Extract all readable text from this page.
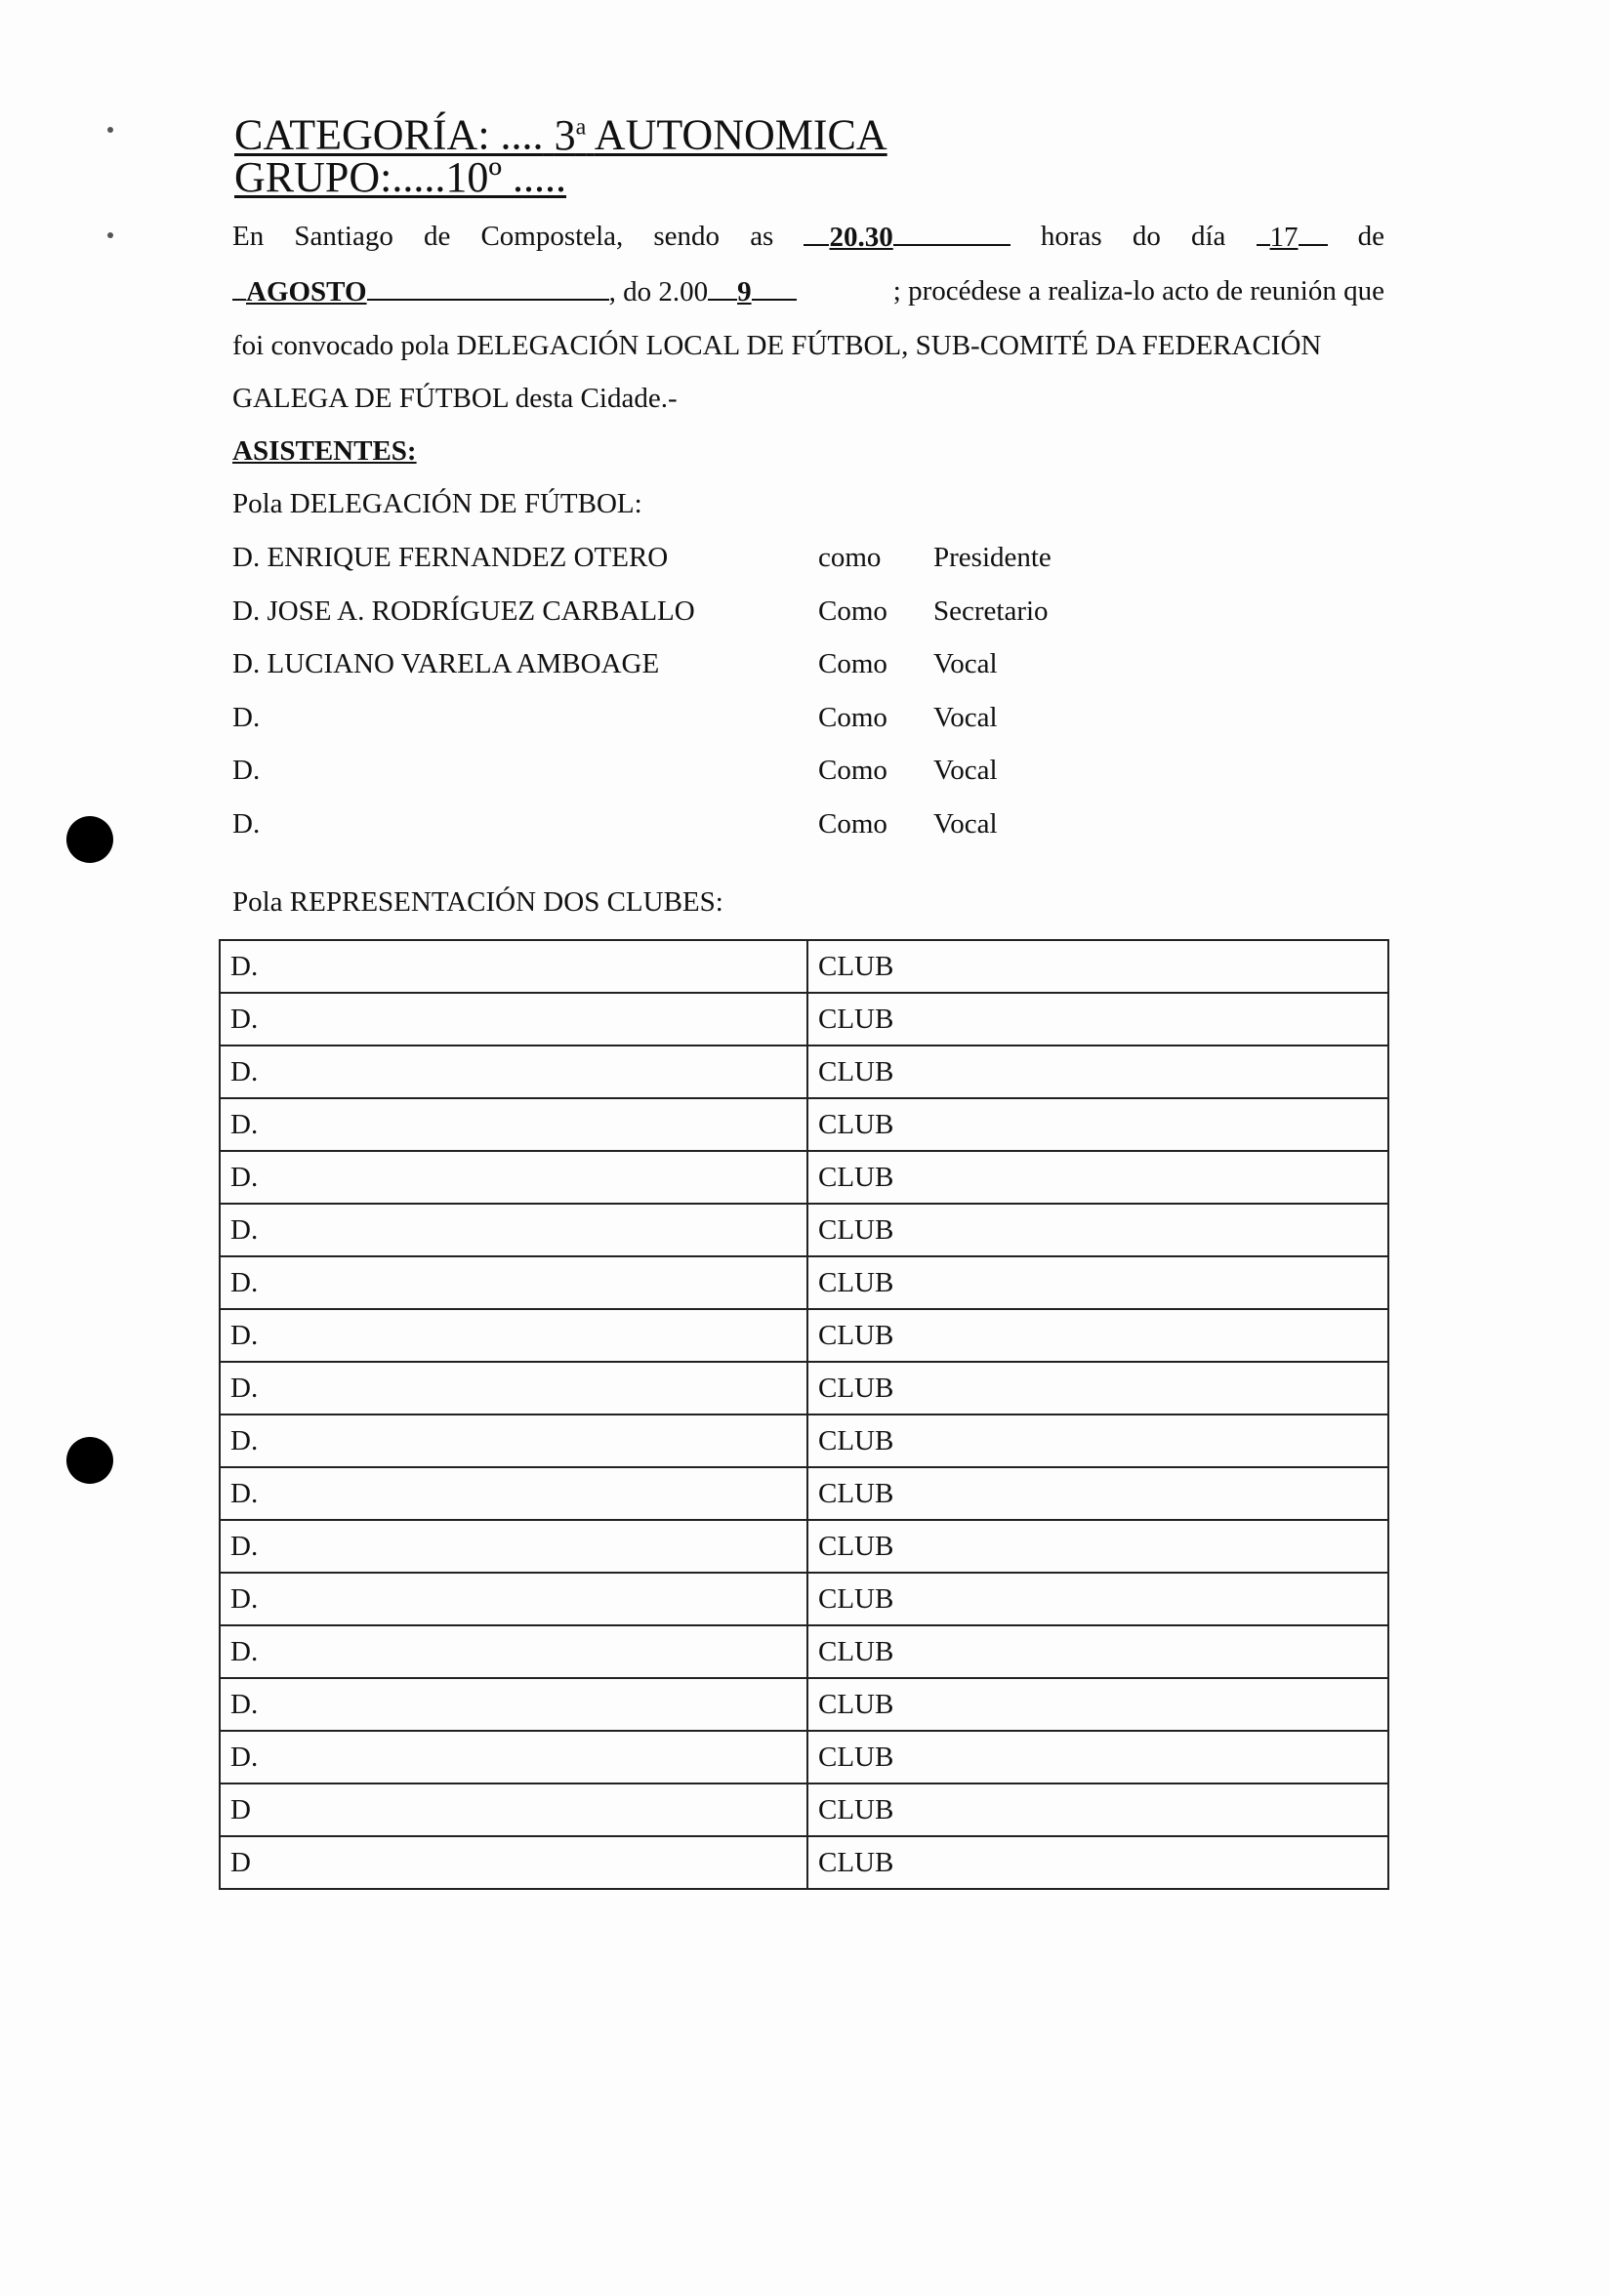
CATEGORÍA: .... 3$^a$ AUTONOMICA
GRUPO:.....10º .....
En Santiago de Compostela, sendo as	20.30	horas do día	17	de
AGOSTO	, do 2.00 9	; procédese a realiza-lo acto de reunión que
foi convocado pola DELEGACIÓN LOCAL DE FÚTBOL, SUB-COMITÉ DA FEDERACIÓN
GALEGA DE FÚTBOL desta Cidade.-
ASISTENTES:
Pola DELEGACIÓN DE FÚTBOL:
D. ENRIQUE FERNANDEZ OTERO	como Presidente
D. JOSE A. RODRÍGUEZ CARBALLO	Como Secretario
D. LUCIANO VARELA AMBOAGE	Como Vocal
D.	Como Vocal
D.	Como Vocal
D.	Como Vocal
Pola REPRESENTACIÓN DOS CLUBES:
D.	CLUB
D.	CLUB
D.	CLUB
D.	CLUB
D.	CLUB
D.	CLUB
D.	CLUB
D.	CLUB
D.	CLUB
D.	CLUB
D.	CLUB
D.	CLUB
D.	CLUB
D.	CLUB
D.	CLUB
D.	CLUB
D	CLUB
D	CLUB
